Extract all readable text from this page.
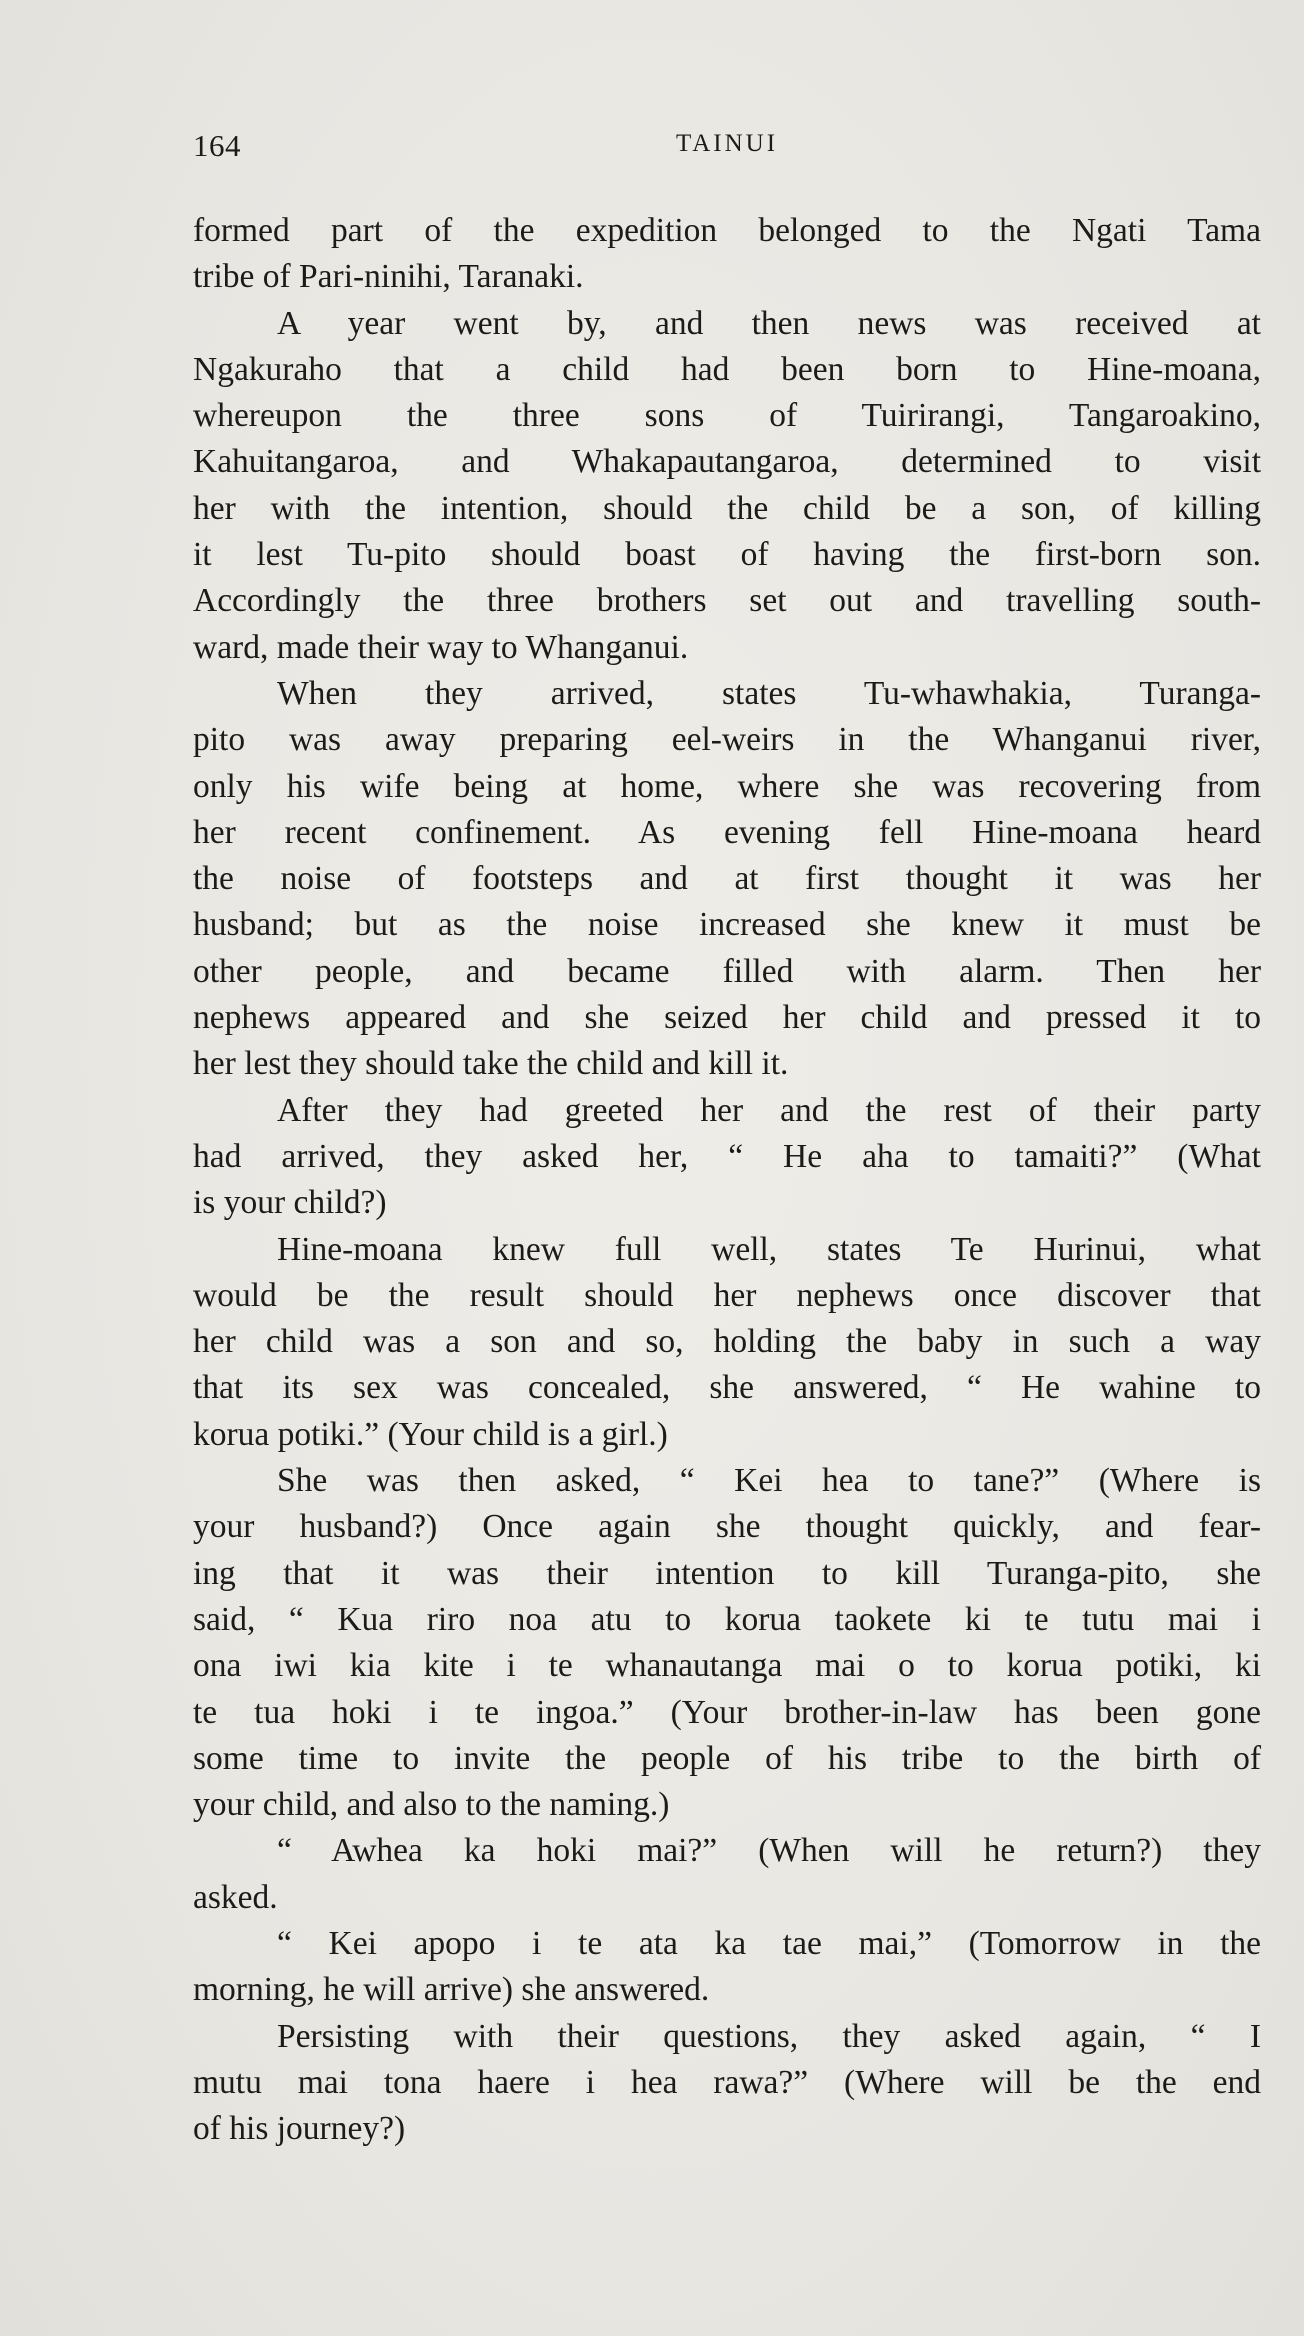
164	TAINUI
formed part of the expedition belonged to the Ngati Tama
tribe of Pari-ninihi, Taranaki.
A year went by, and then news was received at
Ngakuraho that a child had been born to Hine-moana,
whereupon the three sons of Tuirirangi, Tangaroakino,
Kahuitangaroa, and Whakapautangaroa, determined to visit
her with the intention, should the child be a son, of killing
it lest Tu-pito should boast of having the first-born son.
Accordingly the three brothers set out and travelling south-
ward, made their way to Whanganui.
When they arrived, states Tu-whawhakia, Turanga-
pito was away preparing eel-weirs in the Whanganui river,
only his wife being at home, where she was recovering from
her recent confinement. As evening fell Hine-moana heard
the noise of footsteps and at first thought it was her
husband; but as the noise increased she knew it must be
other people, and became filled with alarm. Then her
nephews appeared and she seized her child and pressed it to
her lest they should take the child and kill it.
After they had greeted her and the rest of their party
had arrived, they asked her, “ He aha to tamaiti?” (What
is your child?)
Hine-moana knew full well, states Te Hurinui, what
would be the result should her nephews once discover that
her child was a son and so, holding the baby in such a way
that its sex was concealed, she answered, “ He wahine to
korua potiki.” (Your child is a girl.)
She was then asked, “ Kei hea to tane?” (Where is
your husband?) Once again she thought quickly, and fear-
ing that it was their intention to kill Turanga-pito, she
said, “ Kua riro noa atu to korua taokete ki te tutu mai i
ona iwi kia kite i te whanautanga mai o to korua potiki, ki
te tua hoki i te ingoa.” (Your brother-in-law has been gone
some time to invite the people of his tribe to the birth of
your child, and also to the naming.)
“ Awhea ka hoki mai?” (When will he return?) they
asked.
“ Kei apopo i te ata ka tae mai,” (Tomorrow in the
morning, he will arrive) she answered.
Persisting with their questions, they asked again, “ I
mutu mai tona haere i hea rawa?” (Where will be the end
of his journey?)
